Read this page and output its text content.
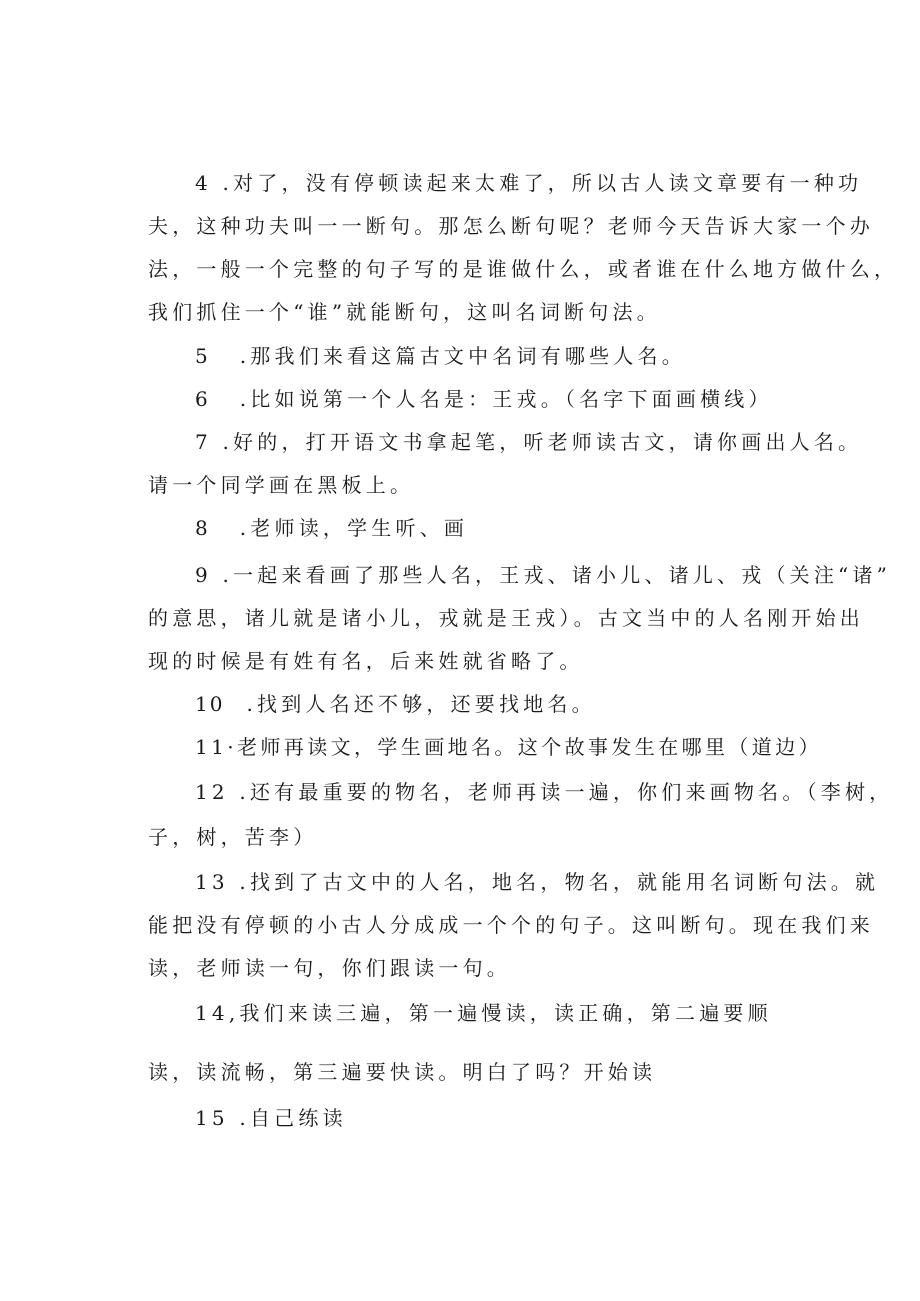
4 .对了，没有停顿读起来太难了，所以古人读文章要有一种功
夫，这种功夫叫一一断句。那怎么断句呢？老师今天告诉大家一个办
法，一般一个完整的句子写的是谁做什么，或者谁在什么地方做什么，
我们抓住一个“谁”就能断句，这叫名词断句法。
5 .那我们来看这篇古文中名词有哪些人名。
6 .比如说第一个人名是：王戎。（名字下面画横线）
7 .好的，打开语文书拿起笔，听老师读古文，请你画出人名。
请一个同学画在黑板上。
8 .老师读，学生听、画
9 .一起来看画了那些人名，王戎、诸小儿、诸儿、戎（关注“诸”
的意思，诸儿就是诸小儿，戎就是王戎）。古文当中的人名刚开始出
现的时候是有姓有名，后来姓就省略了。
10 .找到人名还不够，还要找地名。
11·老师再读文，学生画地名。这个故事发生在哪里（道边）
12 .还有最重要的物名，老师再读一遍，你们来画物名。（李树，
子，树，苦李）
13 .找到了古文中的人名，地名，物名，就能用名词断句法。就
能把没有停顿的小古人分成成一个个的句子。这叫断句。现在我们来
读，老师读一句，你们跟读一句。
14,我们来读三遍，第一遍慢读，读正确，第二遍要顺
读，读流畅，第三遍要快读。明白了吗？开始读
15 .自己练读
